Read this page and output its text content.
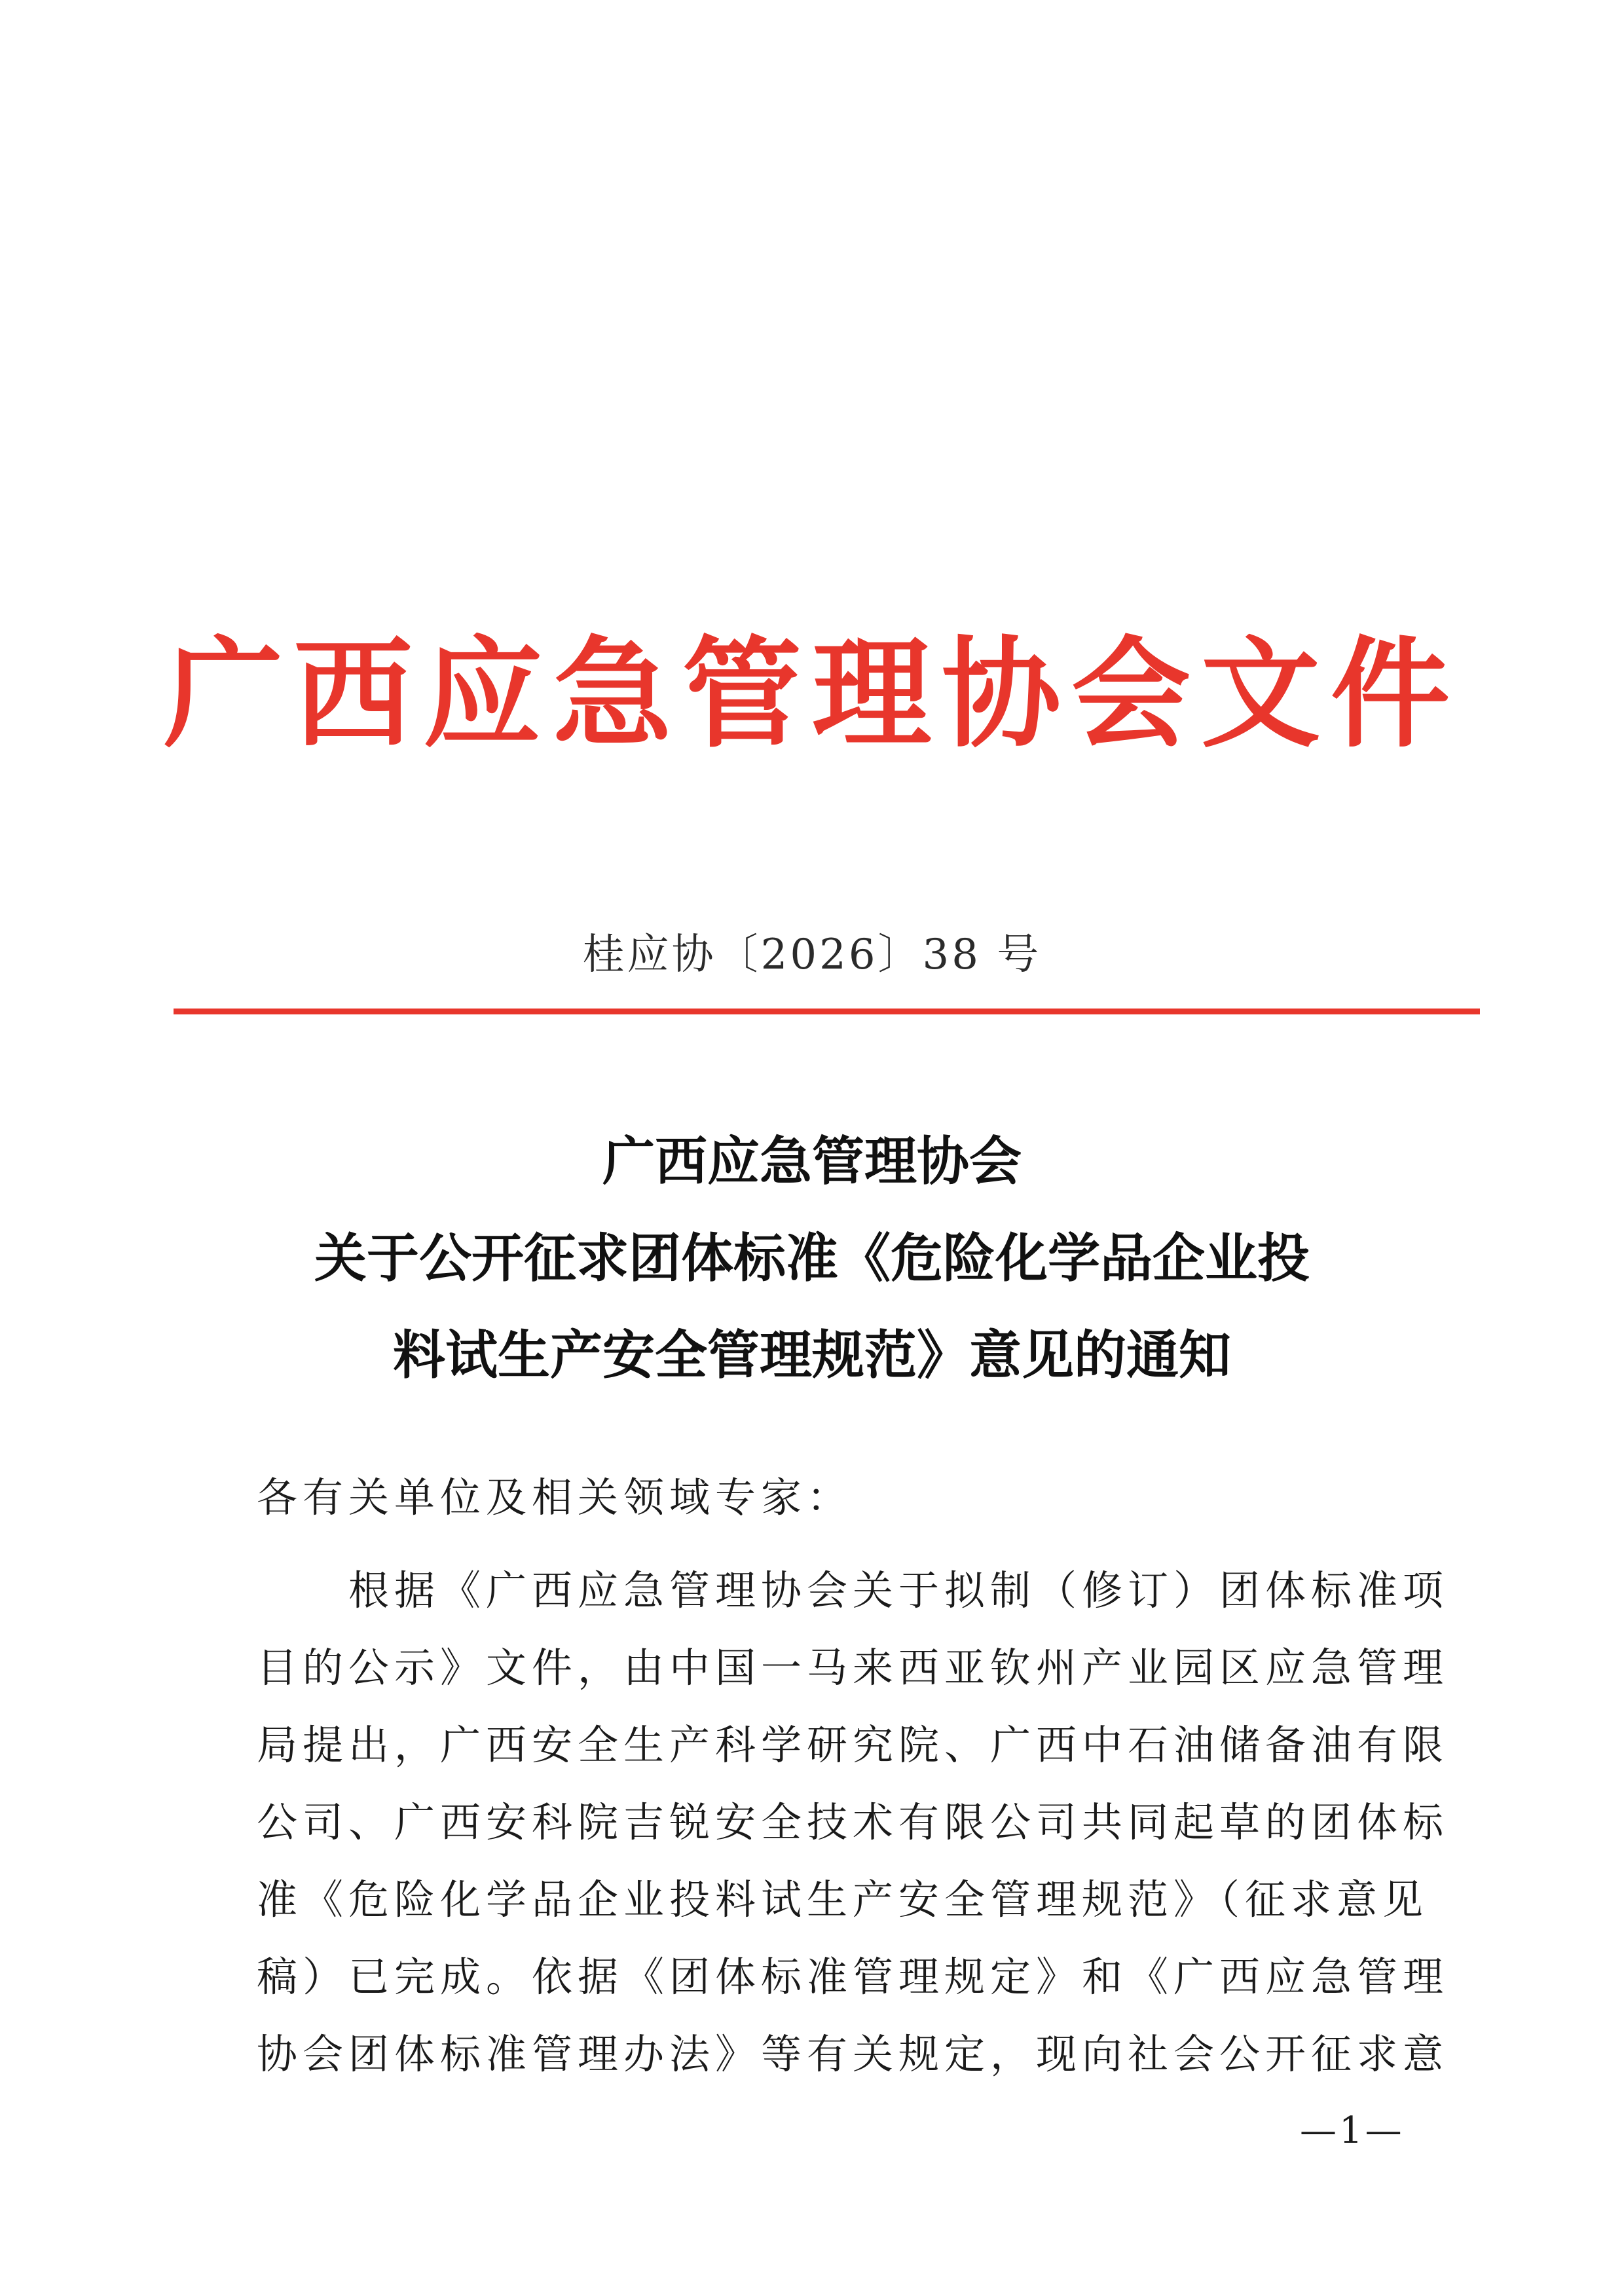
广西应急管理协会文件
桂应协〔2026〕38 号
广西应急管理协会
关于公开征求团体标准《危险化学品企业投
料试生产安全管理规范》意见的通知
各有关单位及相关领域专家：
　　根据《广西应急管理协会关于拟制（修订）团体标准项
目的公示》文件，由中国一马来西亚钦州产业园区应急管理
局提出，广西安全生产科学研究院、广西中石油储备油有限
公司、广西安科院吉锐安全技术有限公司共同起草的团体标
准《危险化学品企业投料试生产安全管理规范》（征求意见
稿）已完成。依据《团体标准管理规定》和《广西应急管理
协会团体标准管理办法》等有关规定，现向社会公开征求意
—1—
